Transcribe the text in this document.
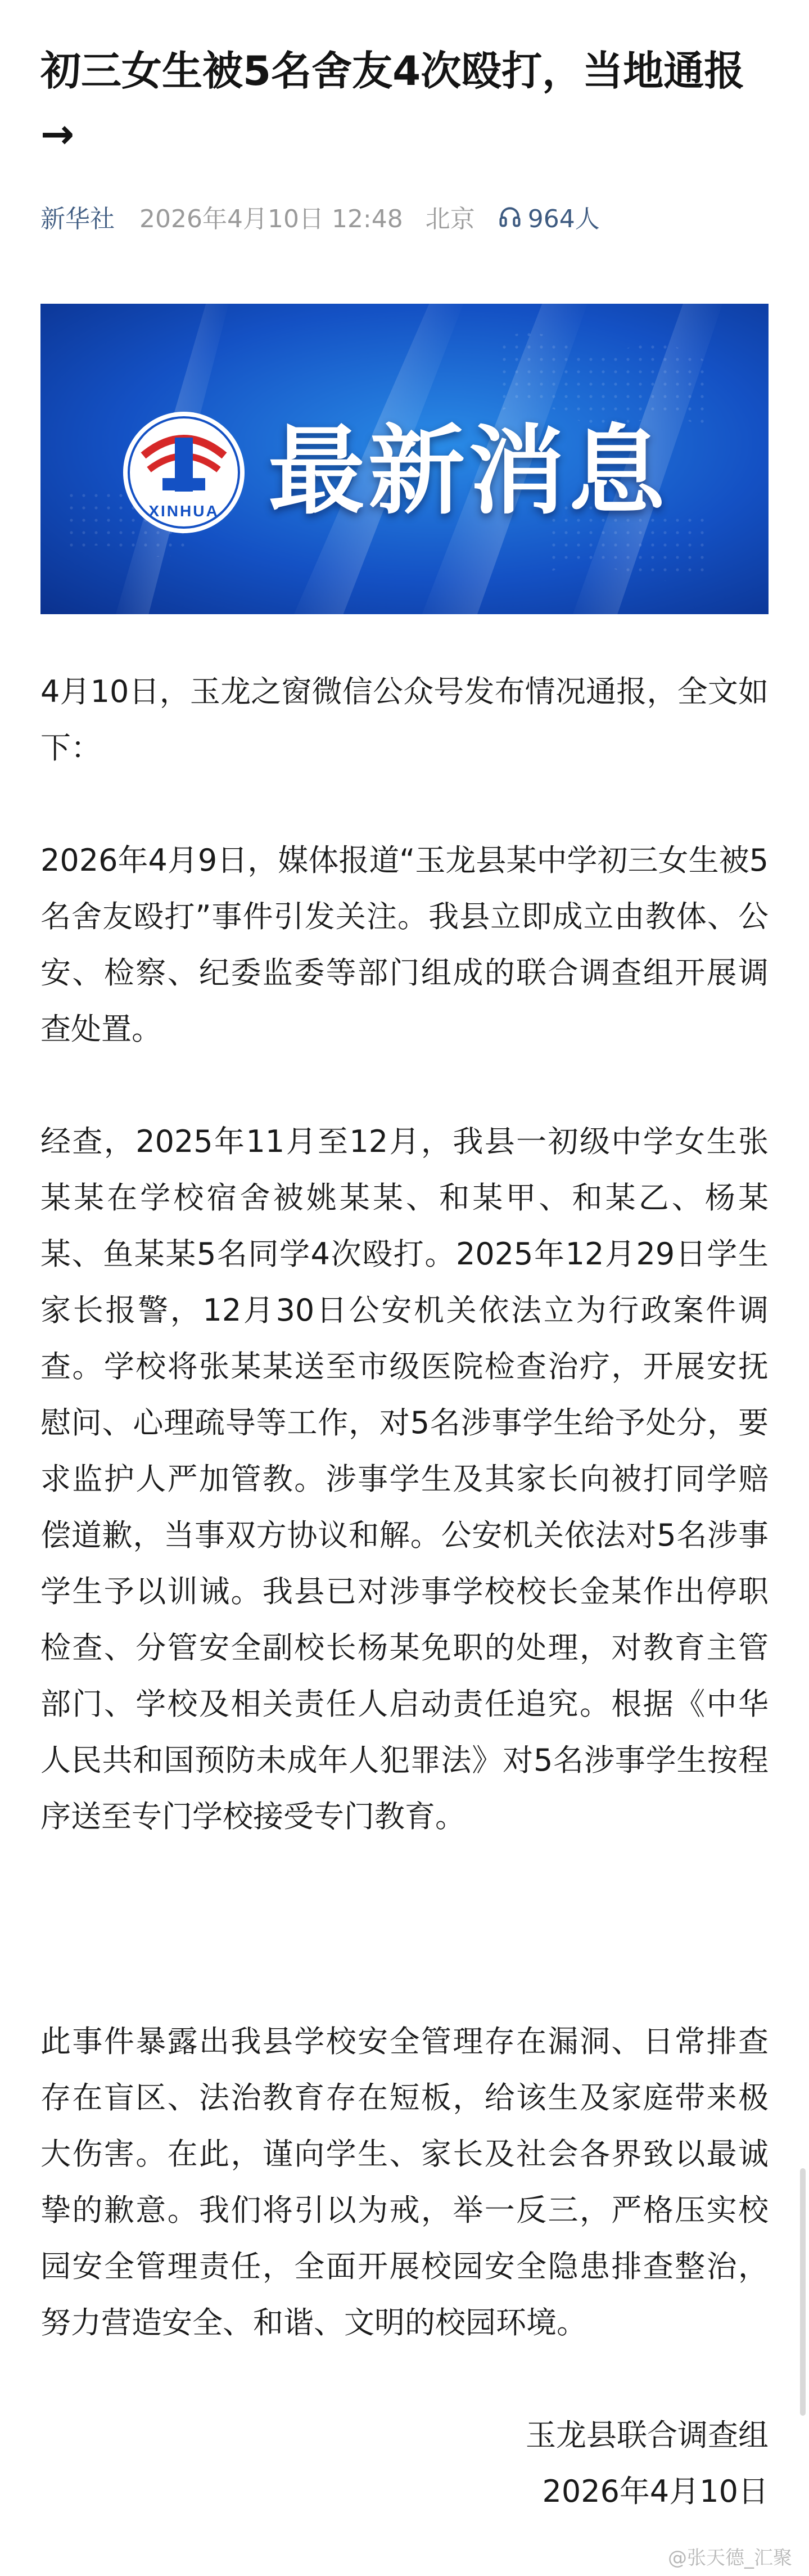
初三女生被5名舍友4次殴打，当地通报→
新华社 2026年4月10日 12:48 北京 964人
XINHUA 最新消息

4月10日，玉龙之窗微信公众号发布情况通报，全文如下：

2026年4月9日，媒体报道“玉龙县某中学初三女生被5名舍友殴打”事件引发关注。我县立即成立由教体、公安、检察、纪委监委等部门组成的联合调查组开展调查处置。

经查，2025年11月至12月，我县一初级中学女生张某某在学校宿舍被姚某某、和某甲、和某乙、杨某某、鱼某某5名同学4次殴打。2025年12月29日学生家长报警，12月30日公安机关依法立为行政案件调查。学校将张某某送至市级医院检查治疗，开展安抚慰问、心理疏导等工作，对5名涉事学生给予处分，要求监护人严加管教。涉事学生及其家长向被打同学赔偿道歉，当事双方协议和解。公安机关依法对5名涉事学生予以训诫。我县已对涉事学校校长金某作出停职检查、分管安全副校长杨某免职的处理，对教育主管部门、学校及相关责任人启动责任追究。根据《中华人民共和国预防未成年人犯罪法》对5名涉事学生按程序送至专门学校接受专门教育。

此事件暴露出我县学校安全管理存在漏洞、日常排查存在盲区、法治教育存在短板，给该生及家庭带来极大伤害。在此，谨向学生、家长及社会各界致以最诚挚的歉意。我们将引以为戒，举一反三，严格压实校园安全管理责任，全面开展校园安全隐患排查整治，努力营造安全、和谐、文明的校园环境。

玉龙县联合调查组

2026年4月10日

@张天德_汇聚
